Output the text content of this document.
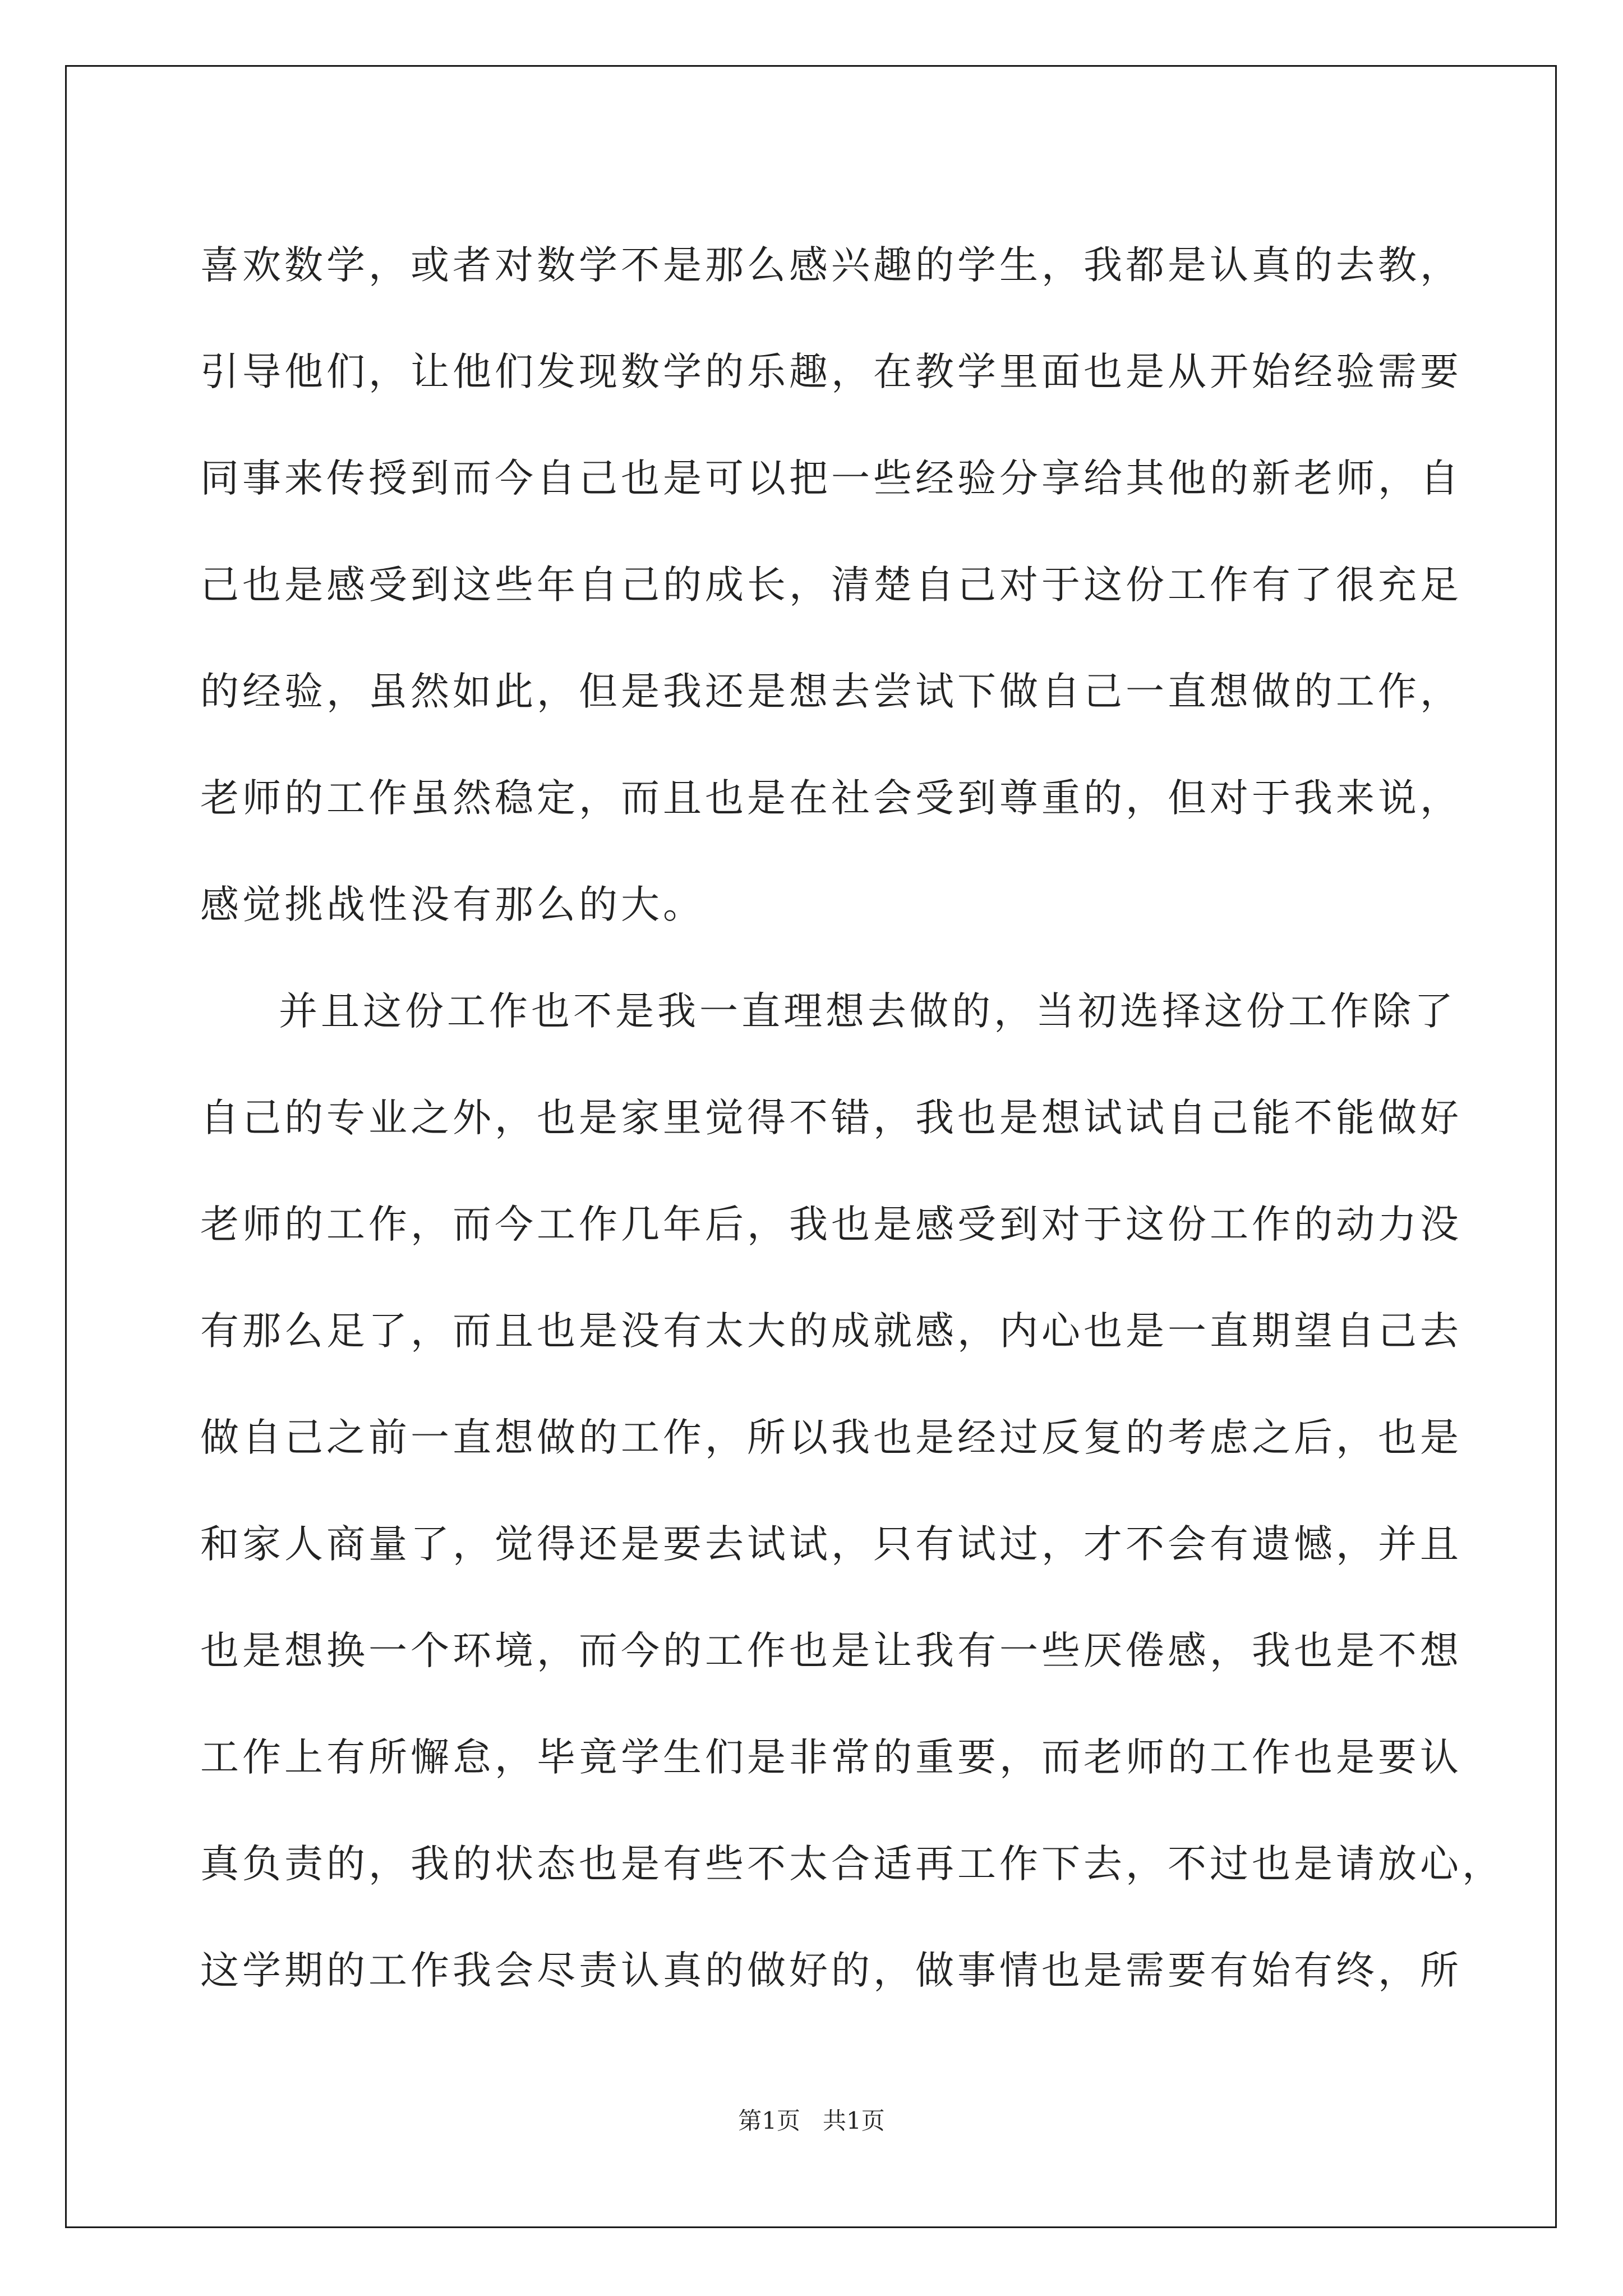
喜欢数学，或者对数学不是那么感兴趣的学生，我都是认真的去教，
引导他们，让他们发现数学的乐趣，在教学里面也是从开始经验需要
同事来传授到而今自己也是可以把一些经验分享给其他的新老师，自
己也是感受到这些年自己的成长，清楚自己对于这份工作有了很充足
的经验，虽然如此，但是我还是想去尝试下做自己一直想做的工作，
老师的工作虽然稳定，而且也是在社会受到尊重的，但对于我来说，
感觉挑战性没有那么的大。
并且这份工作也不是我一直理想去做的，当初选择这份工作除了
自己的专业之外，也是家里觉得不错，我也是想试试自己能不能做好
老师的工作，而今工作几年后，我也是感受到对于这份工作的动力没
有那么足了，而且也是没有太大的成就感，内心也是一直期望自己去
做自己之前一直想做的工作，所以我也是经过反复的考虑之后，也是
和家人商量了，觉得还是要去试试，只有试过，才不会有遗憾，并且
也是想换一个环境，而今的工作也是让我有一些厌倦感，我也是不想
工作上有所懈怠，毕竟学生们是非常的重要，而老师的工作也是要认
真负责的，我的状态也是有些不太合适再工作下去，不过也是请放心，
这学期的工作我会尽责认真的做好的，做事情也是需要有始有终，所
第1页   共1页
